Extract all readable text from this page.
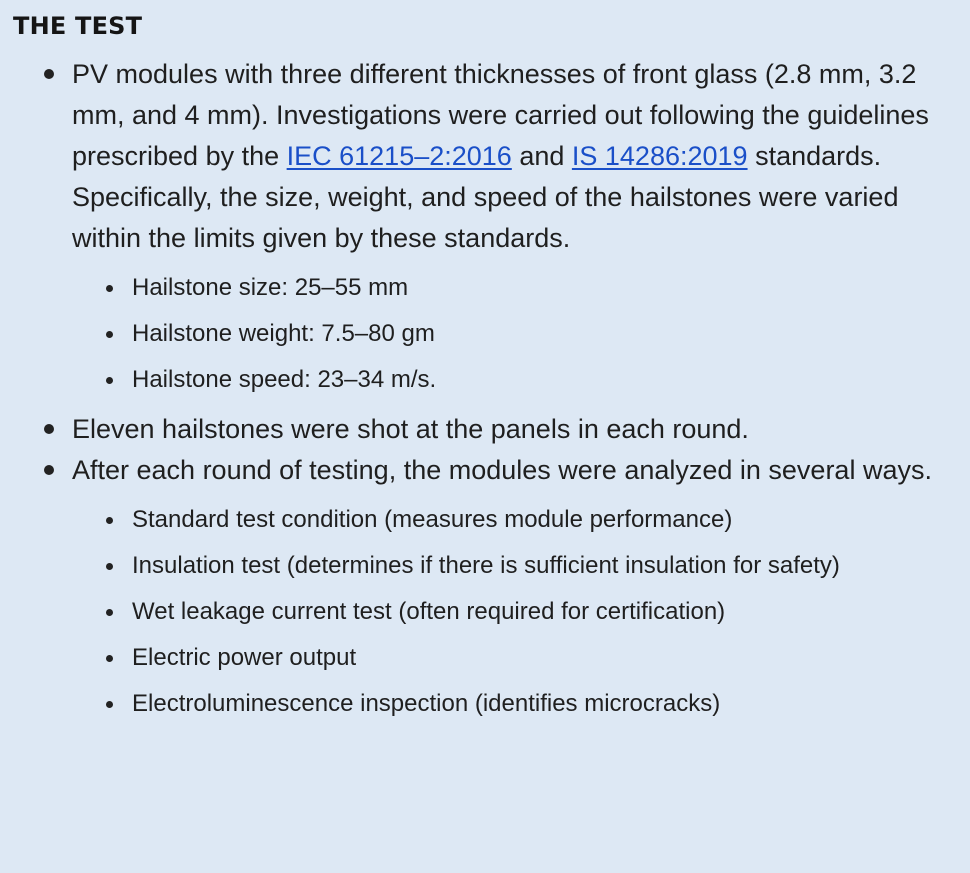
THE TEST
PV modules with three different thicknesses of front glass (2.8 mm, 3.2 mm, and 4 mm). Investigations were carried out following the guidelines prescribed by the IEC 61215–2:2016 and IS 14286:2019 standards. Specifically, the size, weight, and speed of the hailstones were varied within the limits given by these standards.
Hailstone size: 25–55 mm
Hailstone weight: 7.5–80 gm
Hailstone speed: 23–34 m/s.
Eleven hailstones were shot at the panels in each round.
After each round of testing, the modules were analyzed in several ways.
Standard test condition (measures module performance)
Insulation test (determines if there is sufficient insulation for safety)
Wet leakage current test (often required for certification)
Electric power output
Electroluminescence inspection (identifies microcracks)
